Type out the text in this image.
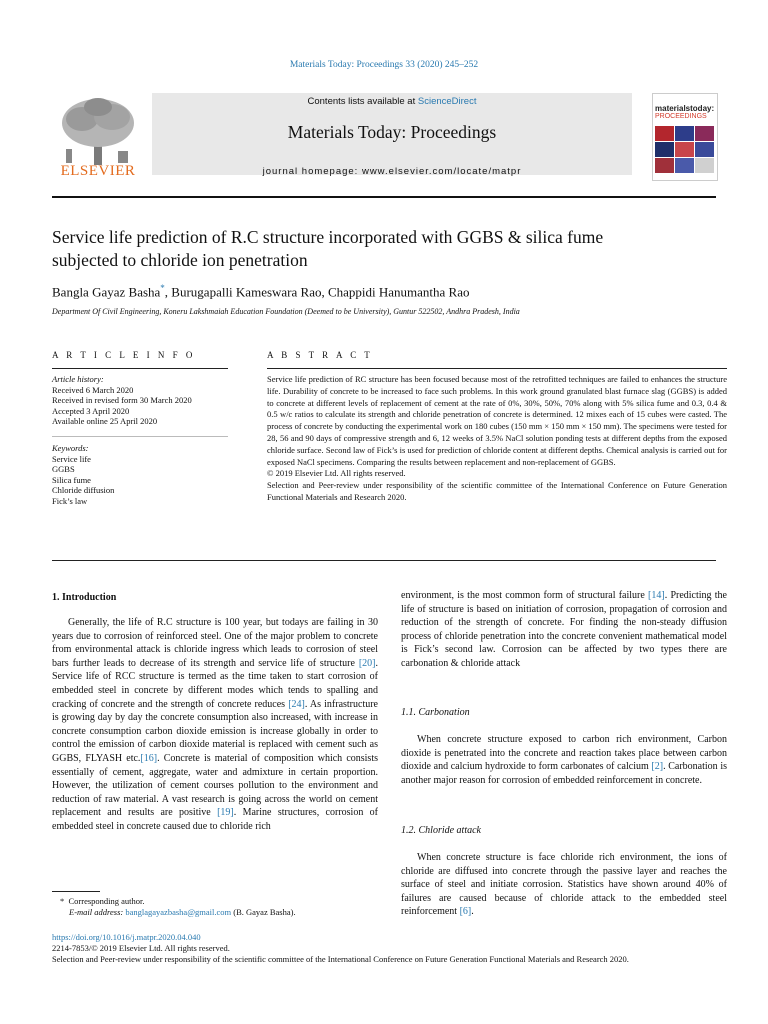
Materials Today: Proceedings 33 (2020) 245–252
ELSEVIER
Contents lists available at ScienceDirect
Materials Today: Proceedings
journal homepage: www.elsevier.com/locate/matpr
materialstoday:
PROCEEDINGS
Service life prediction of R.C structure incorporated with GGBS & silica fume subjected to chloride ion penetration
Bangla Gayaz Basha*, Burugapalli Kameswara Rao, Chappidi Hanumantha Rao
Department Of Civil Engineering, Koneru Lakshmaiah Education Foundation (Deemed to be University), Guntur 522502, Andhra Pradesh, India
A R T I C L E I N F O	A B S T R A C T
Article history:
Received 6 March 2020
Received in revised form 30 March 2020
Accepted 3 April 2020
Available online 25 April 2020
Keywords:
Service life
GGBS
Silica fume
Chloride diffusion
Fick’s law
Service life prediction of RC structure has been focused because most of the retrofitted techniques are failed to enhances the structure life. Durability of concrete to be increased to face such problems. In this work ground granulated blast furnace slag (GGBS) is added to concrete at different levels of replacement of cement at the rate of 0%, 30%, 50%, 70% along with 5% silica fume and 0.3, 0.4 & 0.5 w/c ratios to calculate its strength and chloride penetration of concrete is determined. 12 mixes each of 15 cubes were casted. The process of concrete by conducting the experimental work on 180 cubes (150 mm × 150 mm × 150 mm). The specimens were tested for 28, 56 and 90 days of compressive strength and 6, 12 weeks of 3.5% NaCl solution ponding tests at different depths from the exposed chloride surface. Second law of Fick’s is used for prediction of chloride content at different depths. Chemical analysis is carried out for exposed NaCl specimens. Comparing the results between replacement and non-replacement of GGBS.
© 2019 Elsevier Ltd. All rights reserved.
Selection and Peer-review under responsibility of the scientific committee of the International Conference on Future Generation Functional Materials and Research 2020.
1. Introduction
Generally, the life of R.C structure is 100 year, but todays are failing in 30 years due to corrosion of reinforced steel. One of the major problem to concrete from environmental attack is chloride ingress which leads to corrosion of steel bars further leads to decrease of its strength and service life of structure [20]. Service life of RCC structure is termed as the time taken to start corrosion of embedded steel in concrete by different modes which tends to spalling and cracking of concrete and the strength of concrete reduces [24]. As infrastructure is growing day by day the concrete consumption also increased, with increase in concrete consumption carbon dioxide emission is increase globally in order to control the emission of carbon dioxide material is replaced with cement such as GGBS, FLYASH etc.[16]. Concrete is material of composition which consists essentially of cement, aggregate, water and admixture in certain proportion. However, the utilization of cement courses pollution to the environment and reduction of raw material. A vast research is going across the world on cement replacement and results are positive [19]. Marine structures, corrosion of embedded steel in concrete caused due to chloride rich
environment, is the most common form of structural failure [14]. Predicting the life of structure is based on initiation of corrosion, propagation of corrosion and reduction of the strength of concrete. For finding the non-steady diffusion process of chloride penetration into the concrete convenient mathematical model is Fick’s second law. Corrosion can be affected by two types there are carbonation & chloride attack
1.1. Carbonation
When concrete structure exposed to carbon rich environment, Carbon dioxide is penetrated into the concrete and reaction takes place between carbon dioxide and calcium hydroxide to form carbonates of calcium [2]. Carbonation is another major reason for corrosion of embedded reinforcement in concrete.
1.2. Chloride attack
When concrete structure is face chloride rich environment, the ions of chloride are diffused into concrete through the passive layer and reaches the surface of steel and initiate corrosion. Statistics have shown around 40% of failures are caused because of chloride attack to the embedded steel reinforcement [6].
* Corresponding author.
E-mail address: banglagayazbasha@gmail.com (B. Gayaz Basha).
https://doi.org/10.1016/j.matpr.2020.04.040
2214-7853/© 2019 Elsevier Ltd. All rights reserved.
Selection and Peer-review under responsibility of the scientific committee of the International Conference on Future Generation Functional Materials and Research 2020.
